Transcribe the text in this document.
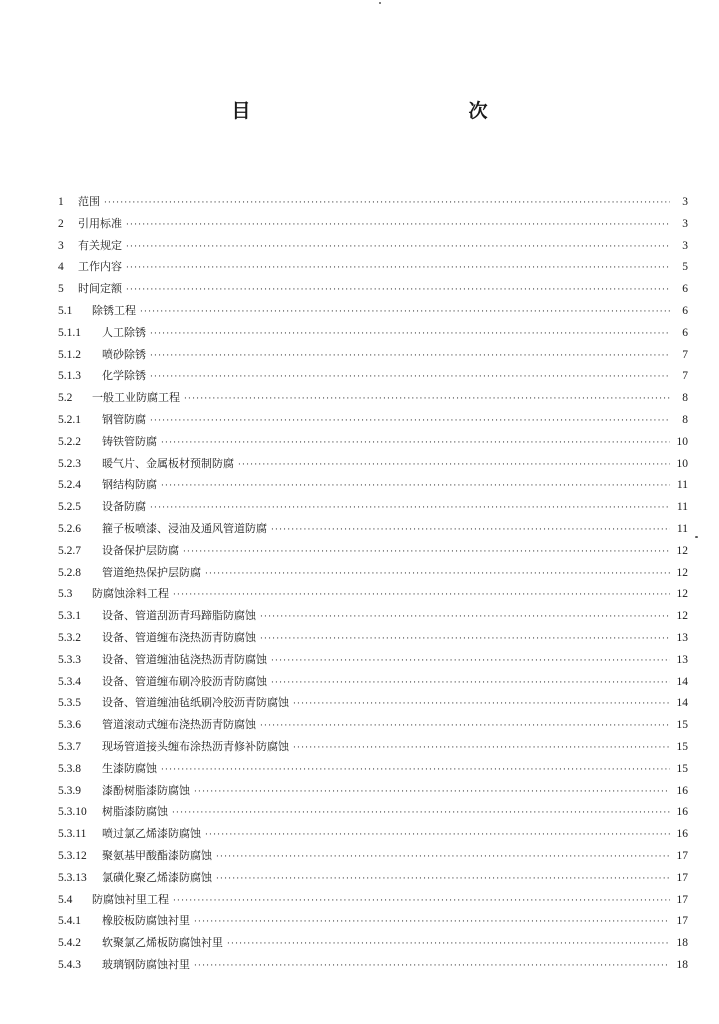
目　　次
1	范围 ·····	3
2	引用标准 ·····	3
3	有关规定 ·····	3
4	工作内容 ·····	5
5	时间定额 ·····	6
5.1	除锈工程 ·····	6
5.1.1	人工除锈 ·····	6
5.1.2	喷砂除锈 ·····	7
5.1.3	化学除锈 ·····	7
5.2	一般工业防腐工程 ·····	8
5.2.1	钢管防腐 ·····	8
5.2.2	铸铁管防腐 ·····	10
5.2.3	暖气片、金属板材预制防腐 ·····	10
5.2.4	钢结构防腐 ·····	11
5.2.5	设备防腐 ·····	11
5.2.6	箍子板喷漆、浸油及通风管道防腐 ·····	11
5.2.7	设备保护层防腐 ·····	12
5.2.8	管道绝热保护层防腐 ·····	12
5.3	防腐蚀涂料工程 ·····	12
5.3.1	设备、管道刮沥青玛蹄脂防腐蚀 ·····	12
5.3.2	设备、管道缠布浇热沥青防腐蚀 ·····	13
5.3.3	设备、管道缠油毡浇热沥青防腐蚀 ·····	13
5.3.4	设备、管道缠布刷冷胶沥青防腐蚀 ·····	14
5.3.5	设备、管道缠油毡纸刷冷胶沥青防腐蚀 ·····	14
5.3.6	管道滚动式缠布浇热沥青防腐蚀 ·····	15
5.3.7	现场管道接头缠布涂热沥青修补防腐蚀 ·····	15
5.3.8	生漆防腐蚀 ·····	15
5.3.9	漆酚树脂漆防腐蚀 ·····	16
5.3.10	树脂漆防腐蚀 ·····	16
5.3.11	喷过氯乙烯漆防腐蚀 ·····	16
5.3.12	聚氨基甲酸酯漆防腐蚀 ·····	17
5.3.13	氯磺化聚乙烯漆防腐蚀 ·····	17
5.4	防腐蚀衬里工程 ·····	17
5.4.1	橡胶板防腐蚀衬里 ·····	17
5.4.2	软聚氯乙烯板防腐蚀衬里 ·····	18
5.4.3	玻璃钢防腐蚀衬里 ·····	18
